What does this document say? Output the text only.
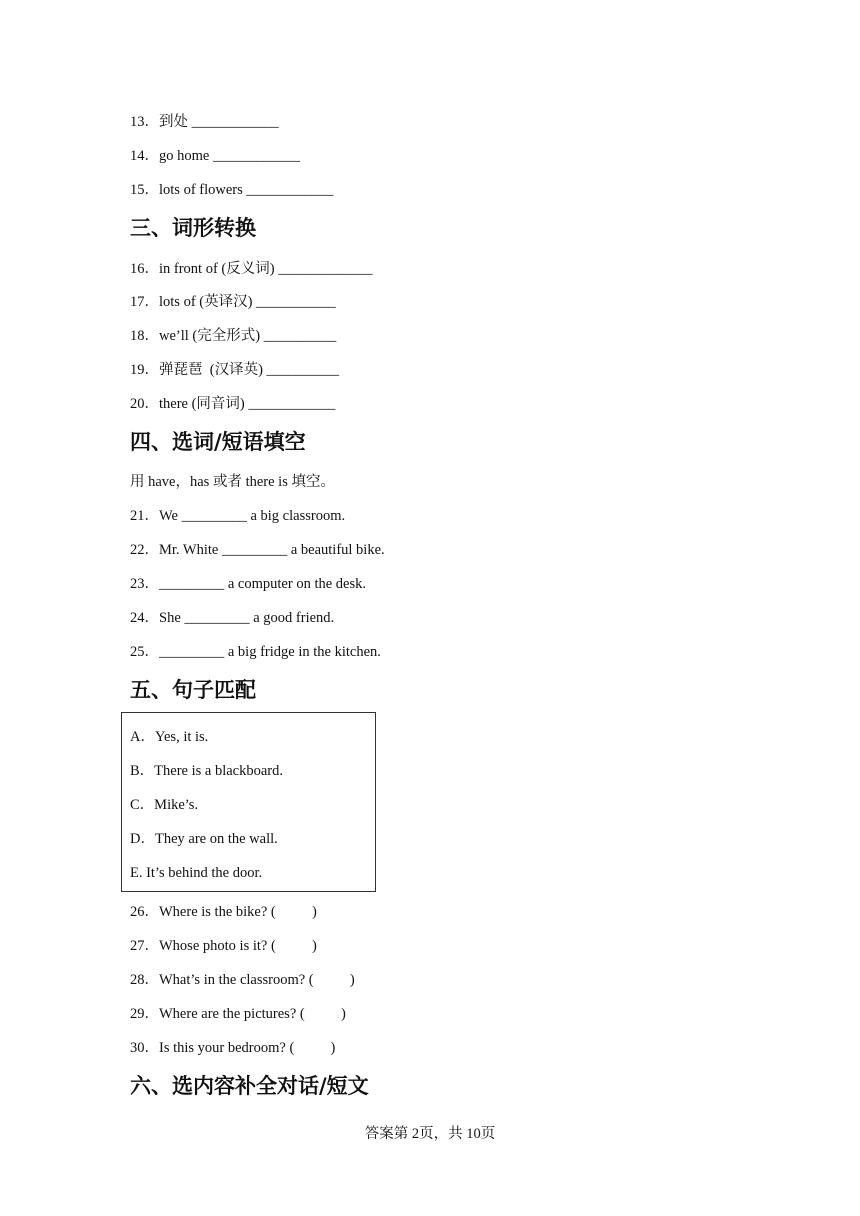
13．到处 ____________
14．go home ____________
15．lots of flowers ____________
三、词形转换
16．in front of (反义词) _____________
17．lots of (英译汉) ___________
18．we’ll (完全形式) __________
19．弹琵琶  (汉译英) __________
20．there (同音词) ____________
四、选词/短语填空
用 have，has 或者 there is 填空。
21．We _________ a big classroom.
22．Mr. White _________ a beautiful bike.
23．_________ a computer on the desk.
24．She _________ a good friend.
25．_________ a big fridge in the kitchen.
五、句子匹配
A．Yes, it is.
B．There is a blackboard.
C．Mike’s.
D．They are on the wall.
E. It’s behind the door.
26．Where is the bike? (          )
27．Whose photo is it? (          )
28．What’s in the classroom? (          )
29．Where are the pictures? (          )
30．Is this your bedroom? (          )
六、选内容补全对话/短文
答案第 2页，共 10页
